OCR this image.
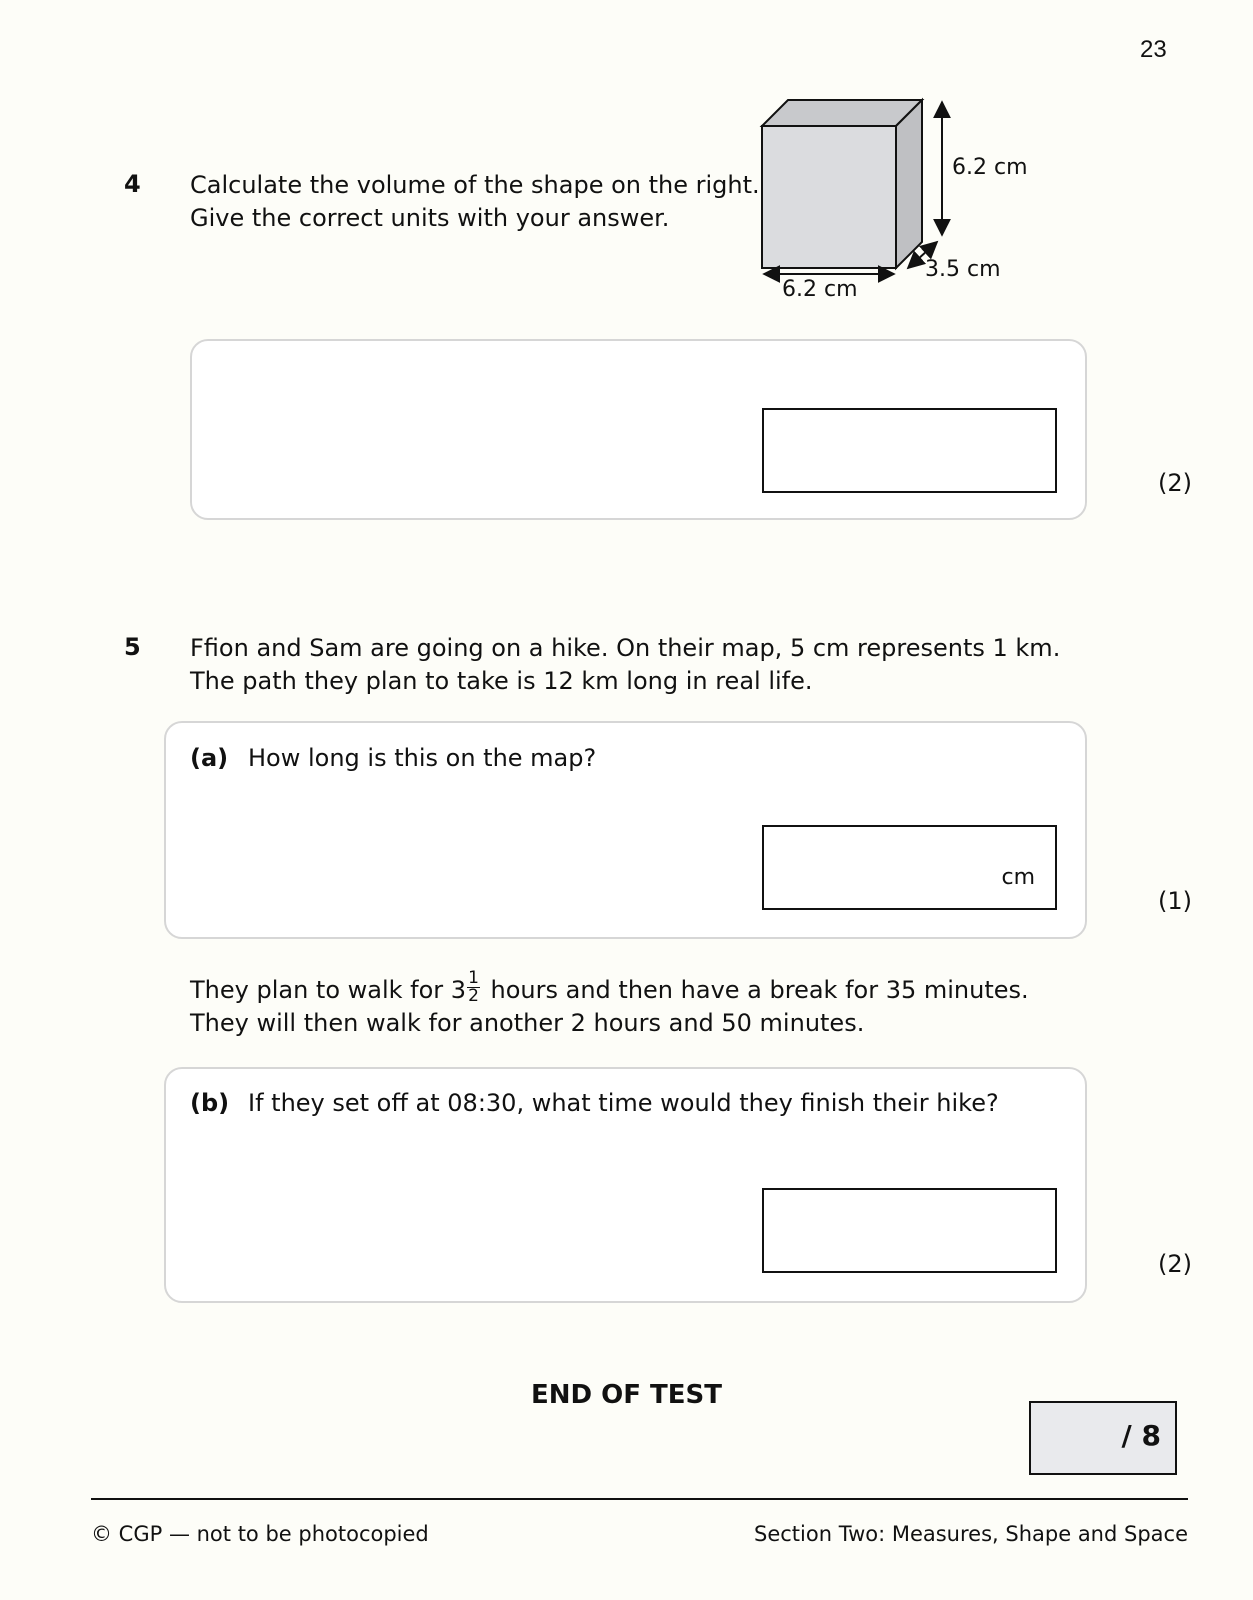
23
4 Calculate the volume of the shape on the right.
Give the correct units with your answer.
6.2 cm
3.5 cm
6.2 cm
(2)
5 Ffion and Sam are going on a hike. On their map, 5 cm represents 1 km.
The path they plan to take is 12 km long in real life.
(a) How long is this on the map?
cm
(1)
They plan to walk for $3 \frac{1}{2}$ hours and then have a break for 35 minutes.
They will then walk for another 2 hours and 50 minutes.
(b) If they set off at 08:30, what time would they finish their hike?
(2)
END OF TEST
/ 8
© CGP — not to be photocopied	Section Two: Measures, Shape and Space
